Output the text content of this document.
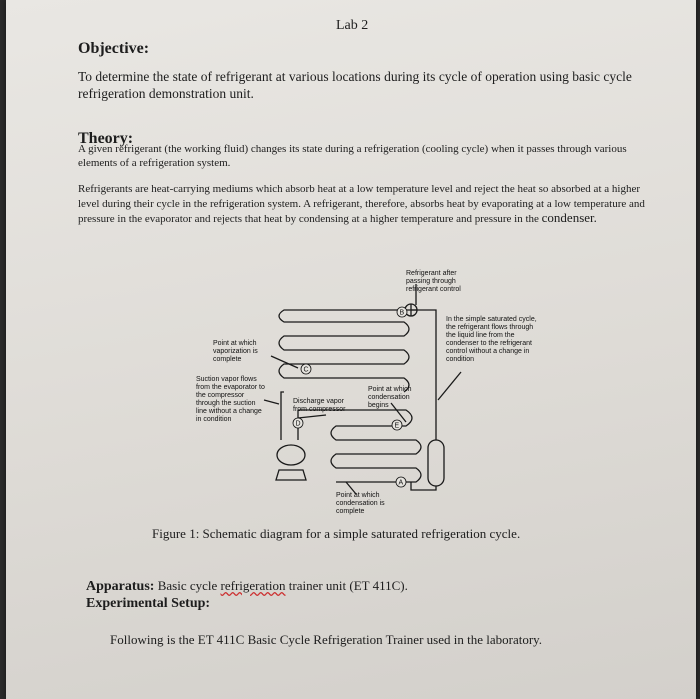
Lab 2
Objective:
To determine the state of refrigerant at various locations during its cycle of operation using basic cycle refrigeration demonstration unit.
Theory:
A given refrigerant (the working fluid) changes its state during a refrigeration (cooling cycle) when it passes through various elements of a refrigeration system.
Refrigerants are heat-carrying mediums which absorb heat at a low temperature level and reject the heat so absorbed at a higher level during their cycle in the refrigeration system. A refrigerant, therefore, absorbs heat by evaporating at a low temperature and pressure in the evaporator and rejects that heat by condensing at a higher temperature and pressure in the condenser.
B
C
D	E
A
Refrigerant after passing through refrigerant control
In the simple saturated cycle, the refrigerant flows through the liquid line from the condenser to the refrigerant control without a change in condition
Point at which vaporization is complete
Suction vapor flows from the evaporator to the compressor through the suction line without a change in condition
Discharge vapor from compressor
Point at which condensation begins
Point at which condensation is complete
Figure 1: Schematic diagram for a simple saturated refrigeration cycle.
Apparatus: Basic cycle refrigeration trainer unit (ET 411C).
Experimental Setup:
Following is the ET 411C Basic Cycle Refrigeration Trainer used in the laboratory.
